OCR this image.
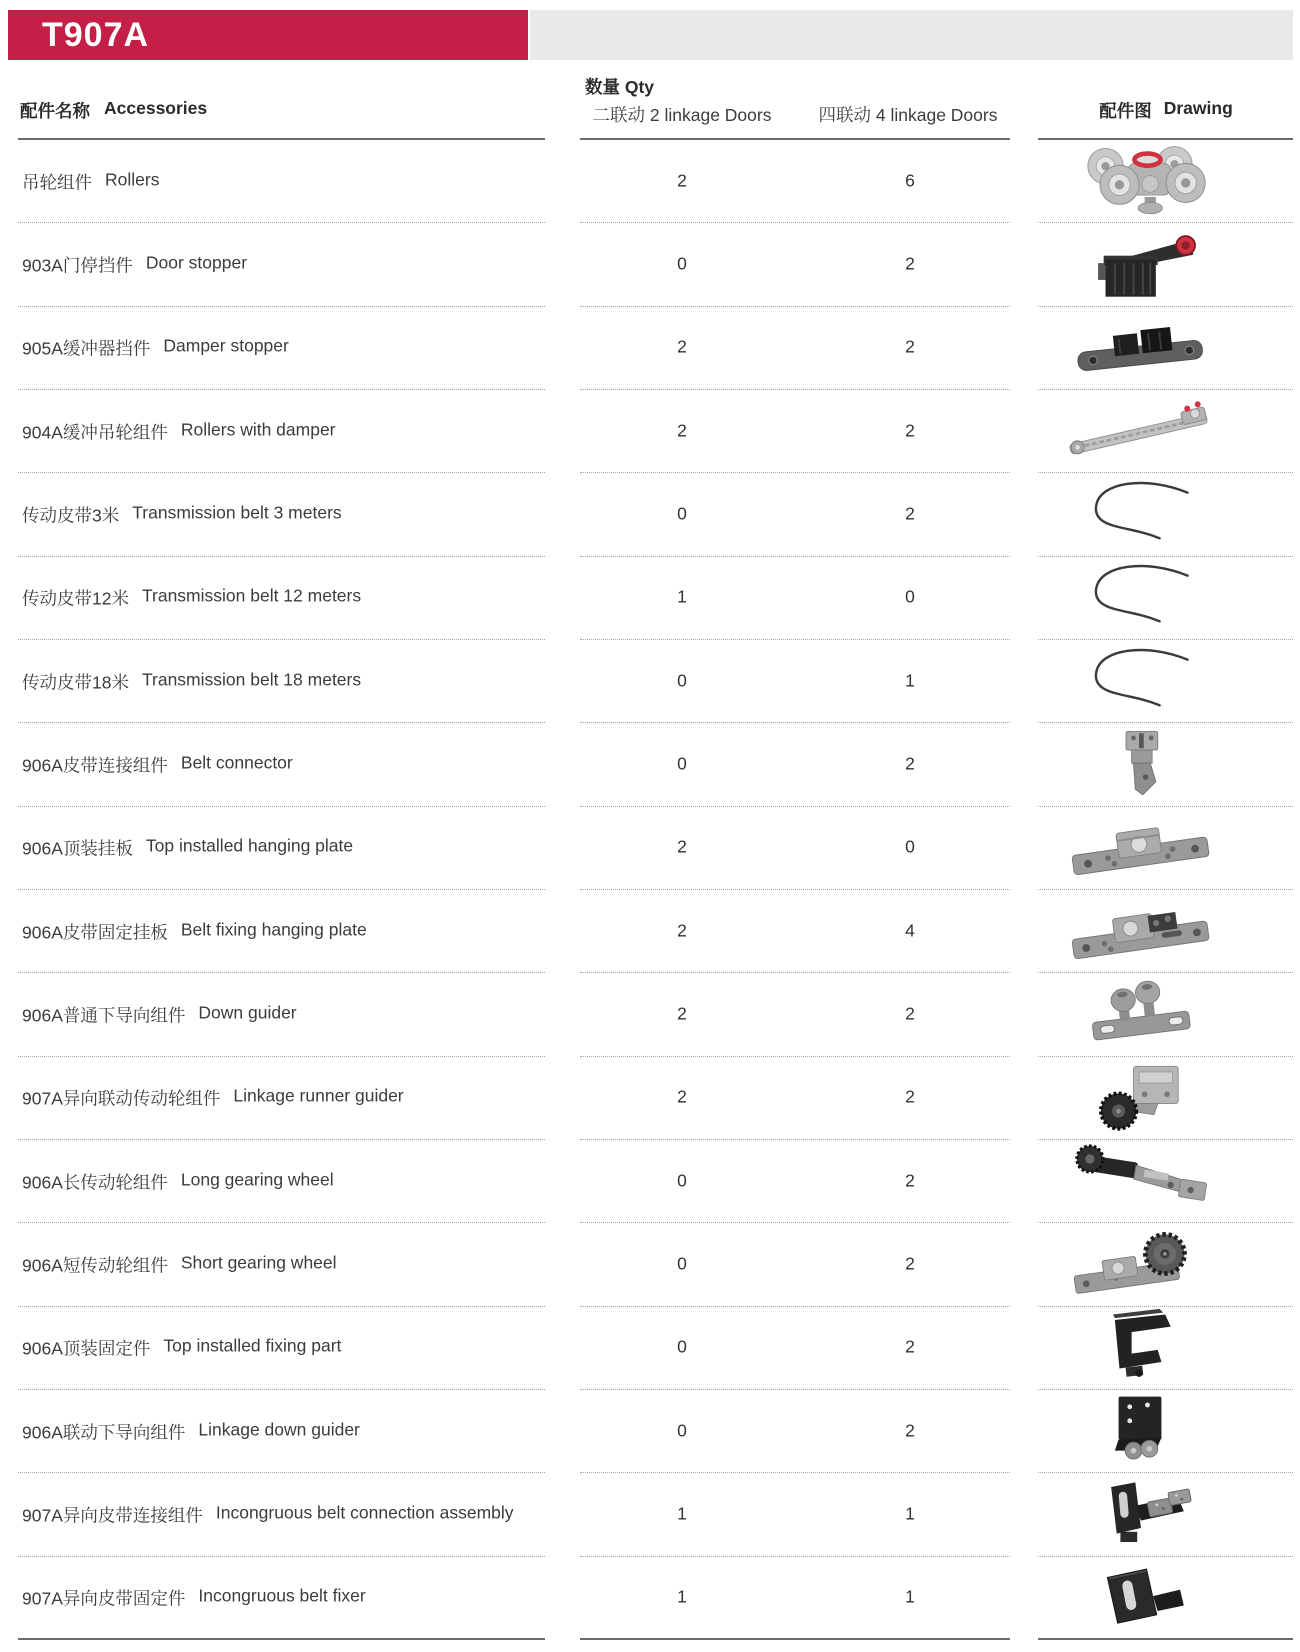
T907A
配件名称 Accessories
数量 Qty
二联动 2 linkage Doors	四联动 4 linkage Doors	配件图 Drawing
吊轮组件 Rollers	2	6
903A门停挡件 Door stopper	0	2
905A缓冲器挡件 Damper stopper	2	2
904A缓冲吊轮组件 Rollers with damper	2	2
传动皮带3米 Transmission belt 3 meters	0	2
传动皮带12米 Transmission belt 12 meters	1	0
传动皮带18米 Transmission belt 18 meters	0	1
906A皮带连接组件 Belt connector	0	2
906A顶装挂板 Top installed hanging plate	2	0
906A皮带固定挂板 Belt fixing hanging plate	2	4
906A普通下导向组件 Down guider	2	2
907A异向联动传动轮组件 Linkage runner guider	2	2
906A长传动轮组件 Long gearing wheel	0	2
906A短传动轮组件 Short gearing wheel	0	2
906A顶装固定件 Top installed fixing part	0	2
906A联动下导向组件 Linkage down guider	0	2
907A异向皮带连接组件 Incongruous belt connection assembly	1	1
907A异向皮带固定件 Incongruous belt fixer	1	1
